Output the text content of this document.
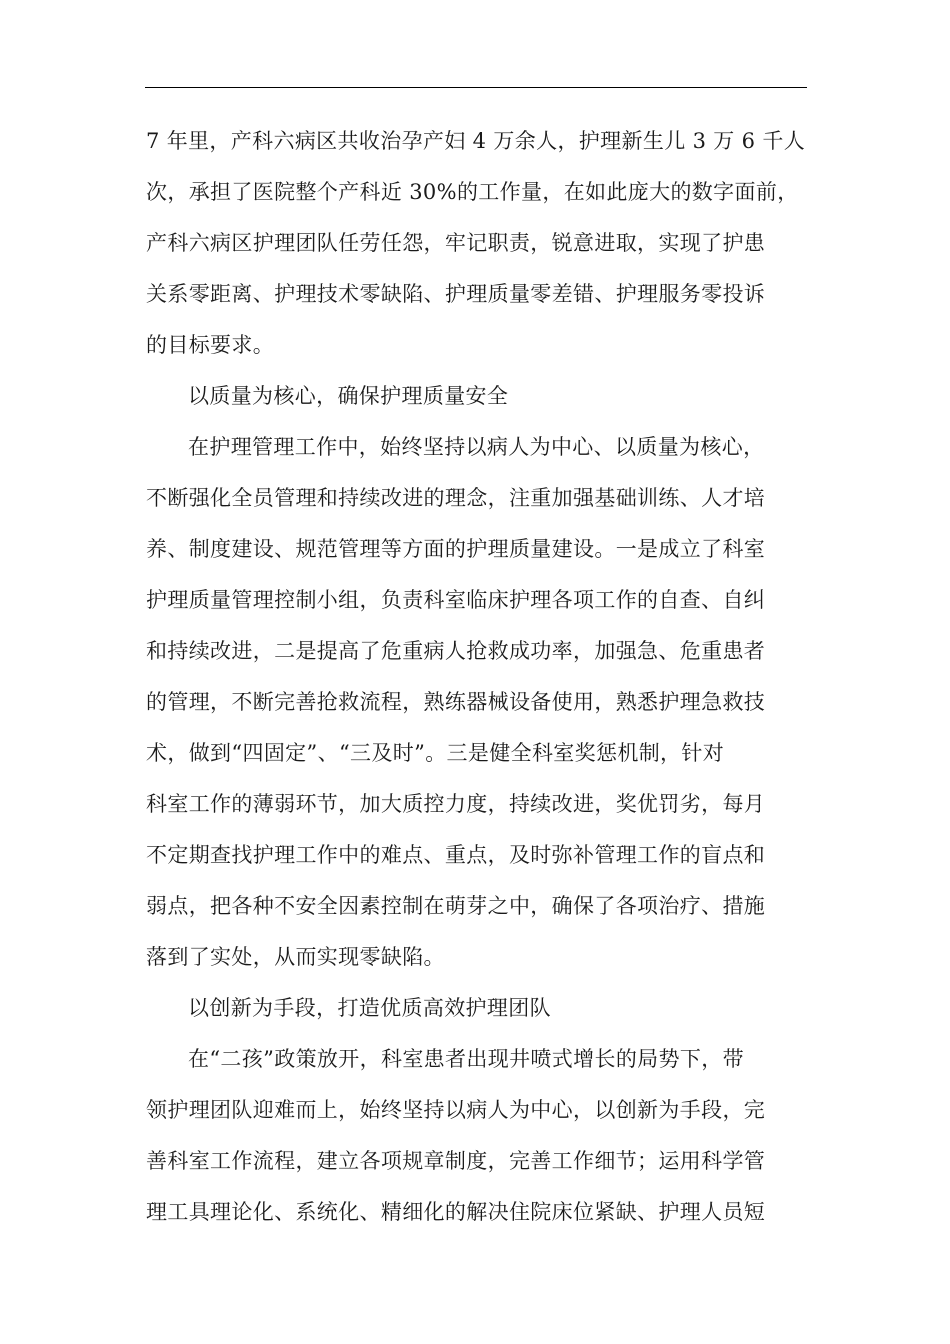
7 年里，产科六病区共收治孕产妇 4 万余人，护理新生儿 3 万 6 千人
次，承担了医院整个产科近 30%的工作量，在如此庞大的数字面前，
产科六病区护理团队任劳任怨，牢记职责，锐意进取，实现了护患
关系零距离、护理技术零缺陷、护理质量零差错、护理服务零投诉
的目标要求。
以质量为核心，确保护理质量安全
在护理管理工作中，始终坚持以病人为中心、以质量为核心，
不断强化全员管理和持续改进的理念，注重加强基础训练、人才培
养、制度建设、规范管理等方面的护理质量建设。一是成立了科室
护理质量管理控制小组，负责科室临床护理各项工作的自查、自纠
和持续改进，二是提高了危重病人抢救成功率，加强急、危重患者
的管理，不断完善抢救流程，熟练器械设备使用，熟悉护理急救技
术，做到“四固定”、“三及时”。三是健全科室奖惩机制，针对
科室工作的薄弱环节，加大质控力度，持续改进，奖优罚劣，每月
不定期查找护理工作中的难点、重点，及时弥补管理工作的盲点和
弱点，把各种不安全因素控制在萌芽之中，确保了各项治疗、措施
落到了实处，从而实现零缺陷。
以创新为手段，打造优质高效护理团队
在“二孩”政策放开，科室患者出现井喷式增长的局势下，带
领护理团队迎难而上，始终坚持以病人为中心，以创新为手段，完
善科室工作流程，建立各项规章制度，完善工作细节；运用科学管
理工具理论化、系统化、精细化的解决住院床位紧缺、护理人员短
